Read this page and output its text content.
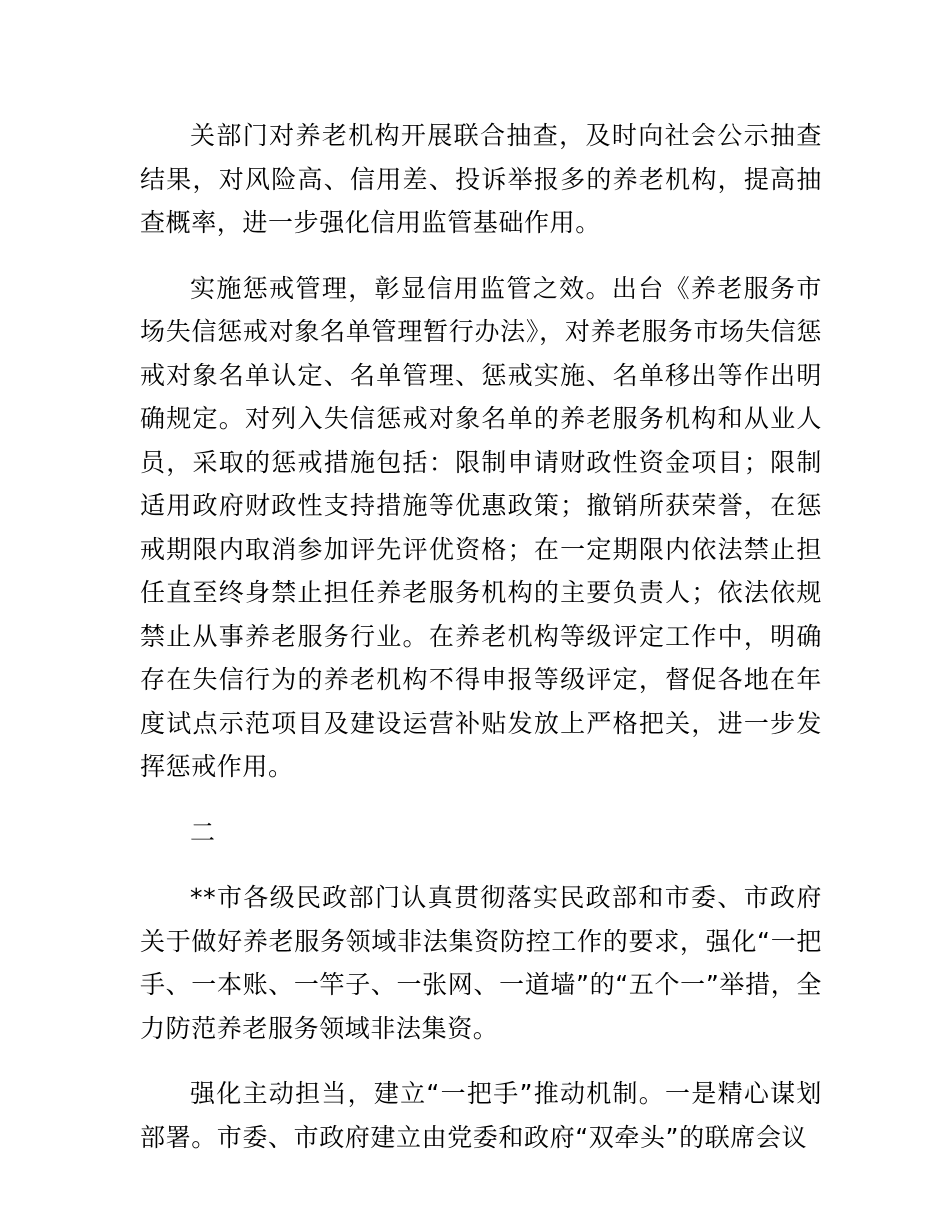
关部门对养老机构开展联合抽查，及时向社会公示抽查结果，对风险高、信用差、投诉举报多的养老机构，提高抽查概率，进一步强化信用监管基础作用。

实施惩戒管理，彰显信用监管之效。出台《养老服务市场失信惩戒对象名单管理暂行办法》，对养老服务市场失信惩戒对象名单认定、名单管理、惩戒实施、名单移出等作出明确规定。对列入失信惩戒对象名单的养老服务机构和从业人员，采取的惩戒措施包括：限制申请财政性资金项目；限制适用政府财政性支持措施等优惠政策；撤销所获荣誉，在惩戒期限内取消参加评先评优资格；在一定期限内依法禁止担任直至终身禁止担任养老服务机构的主要负责人；依法依规禁止从事养老服务行业。在养老机构等级评定工作中，明确存在失信行为的养老机构不得申报等级评定，督促各地在年度试点示范项目及建设运营补贴发放上严格把关，进一步发挥惩戒作用。

二

**市各级民政部门认真贯彻落实民政部和市委、市政府关于做好养老服务领域非法集资防控工作的要求，强化“一把手、一本账、一竿子、一张网、一道墙”的“五个一”举措，全力防范养老服务领域非法集资。

强化主动担当，建立“一把手”推动机制。一是精心谋划部署。市委、市政府建立由党委和政府“双牵头”的联席会议
